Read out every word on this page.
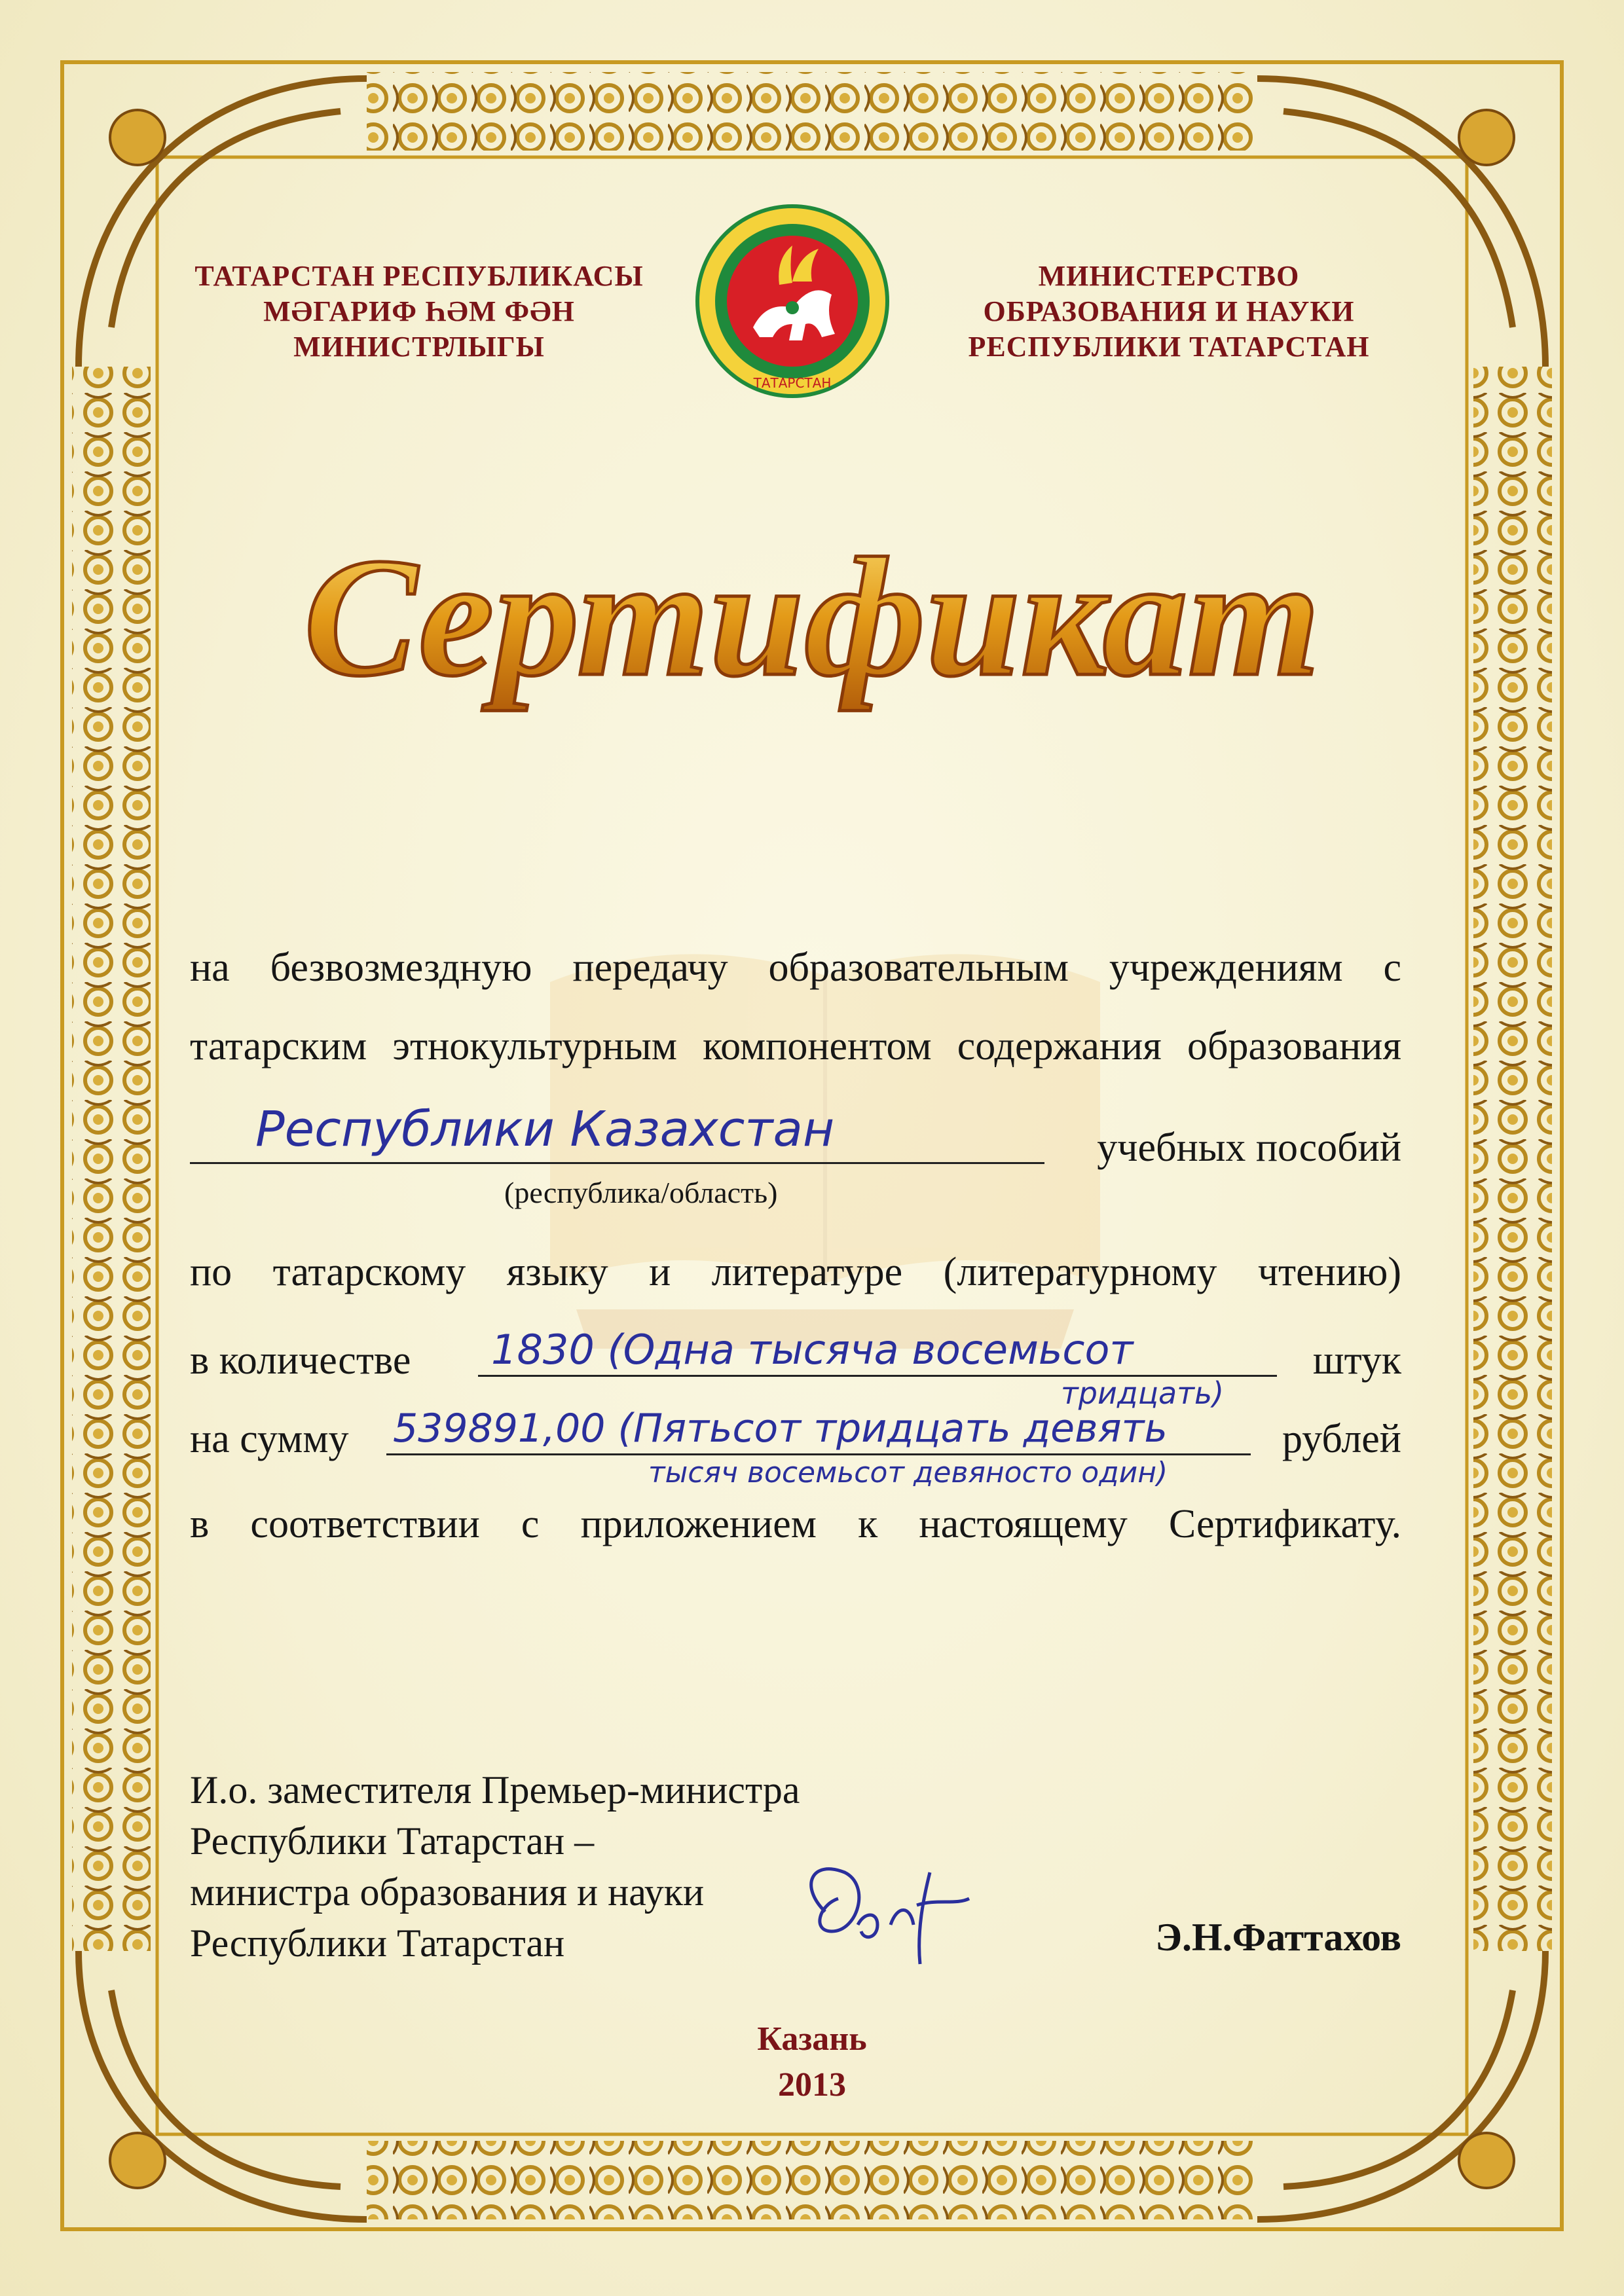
ТАТАРСТАН РЕСПУБЛИКАСЫ
МӘГАРИФ ҺӘМ ФӘН
МИНИСТРЛЫГЫ
ТАТАРСТАН
МИНИСТЕРСТВО
ОБРАЗОВАНИЯ И НАУКИ
РЕСПУБЛИКИ ТАТАРСТАН
Сертификат
на безвозмездную передачу образовательным учреждениям с
татарским этнокультурным компонентом содержания образования
Республики Казахстан	учебных пособий
(республика/область)
по татарскому языку и литературе (литературному чтению)
в количестве 1830 (Одна тысяча восемьсот
тридцать)
штук
на сумму 539891,00 (Пятьсот тридцать девять
тысяч восемьсот девяносто один)
рублей
в соответствии с приложением к настоящему Сертификату.
И.о. заместителя Премьер-министра
Республики Татарстан –
министра образования и науки
Республики Татарстан	Э.Н.Фаттахов
Казань
2013
